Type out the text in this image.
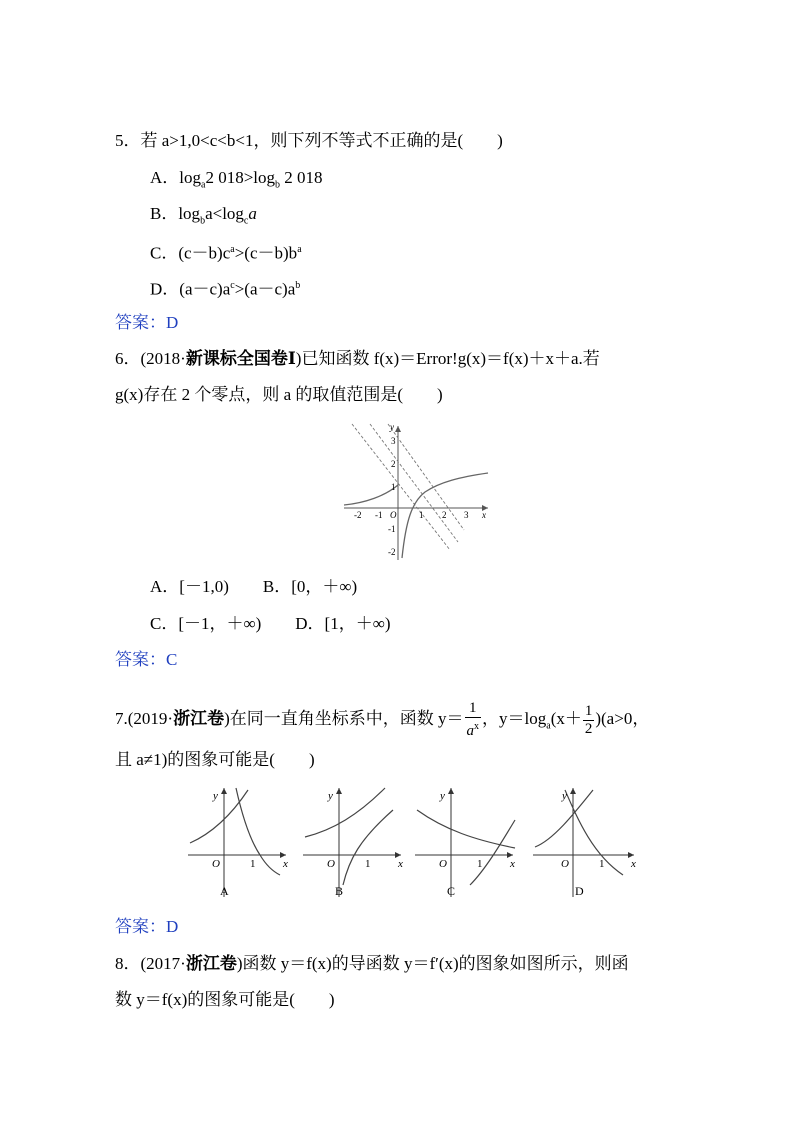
5．若 a>1,0<c<b<1，则下列不等式不正确的是(　　)
A．$\log_a2$ $018>\log_b$ 2 018
B．$\log_ba<\log_ca$
C．$(c-b)c^a>(c-b)b^a$
D．$(a-c)a^c>(a-c)a^b$
答案：D
6．(2018·新课标全国卷Ⅰ)已知函数 f(x)＝Error!g(x)＝f(x)＋x＋a.若
g(x)存在 2 个零点，则 a 的取值范围是(　　)
-2 -1 O	1 2 3 x
3
2
1
-1
-2
y
A．[－1,0)　　B．[0，＋∞)
C．[－1，＋∞)　　D．[1，＋∞)
答案：C
7.(2019·浙江卷)在同一直角坐标系中，函数 $y= \frac{1}{a^x}$ ，$y=\log_a(x+ \frac{1}{2} )(a>0$，
且 a≠1)的图象可能是(　　)
y
O	1	x
A
y
O	1	x
B
y
O	1	x
C
y
O	1 x
D
答案：D
8．(2017·浙江卷)函数 y＝f(x)的导函数 y＝f′(x)的图象如图所示，则函
数 y＝f(x)的图象可能是(　　)
